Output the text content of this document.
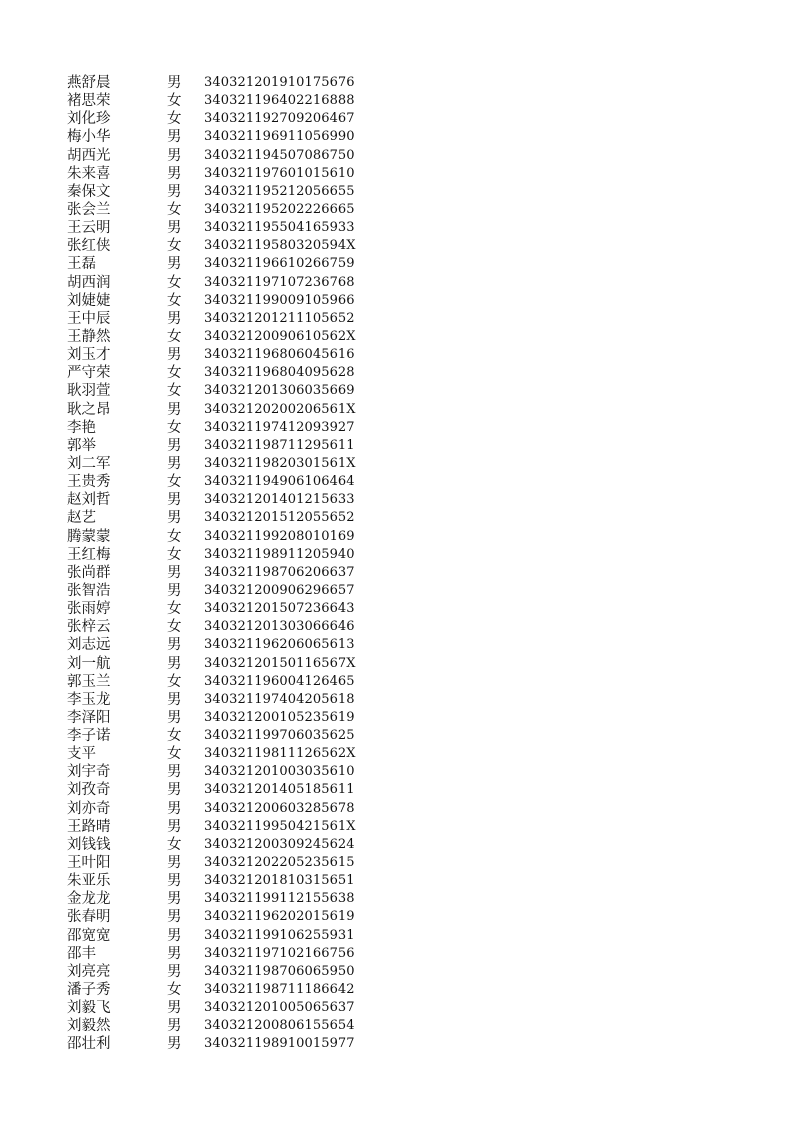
燕舒晨	男 340321201910175676
褚思荣	女 340321196402216888
刘化珍	女 340321192709206467
梅小华	男 340321196911056990
胡西光	男 340321194507086750
朱来喜	男 340321197601015610
秦保文	男 340321195212056655
张会兰	女 340321195202226665
王云明	男 340321195504165933
张红侠	女 34032119580320594X
王磊	男 340321196610266759
胡西润	女 340321197107236768
刘婕婕	女 340321199009105966
王中辰	男 340321201211105652
王静然	女 34032120090610562X
刘玉才	男 340321196806045616
严守荣	女 340321196804095628
耿羽萱	女 340321201306035669
耿之昂	男 34032120200206561X
李艳	女 340321197412093927
郭举	男 340321198711295611
刘二军	男 34032119820301561X
王贵秀	女 340321194906106464
赵刘哲	男 340321201401215633
赵艺	男 340321201512055652
腾蒙蒙	女 340321199208010169
王红梅	女 340321198911205940
张尚群	男 340321198706206637
张智浩	男 340321200906296657
张雨婷	女 340321201507236643
张梓云	女 340321201303066646
刘志远	男 340321196206065613
刘一航	男 34032120150116567X
郭玉兰	女 340321196004126465
李玉龙	男 340321197404205618
李泽阳	男 340321200105235619
李子诺	女 340321199706035625
支平	女 34032119811126562X
刘宇奇	男 340321201003035610
刘孜奇	男 340321201405185611
刘亦奇	男 340321200603285678
王路晴	男 34032119950421561X
刘钱钱	女 340321200309245624
王叶阳	男 340321202205235615
朱亚乐	男 340321201810315651
金龙龙	男 340321199112155638
张春明	男 340321196202015619
邵宽宽	男 340321199106255931
邵丰	男 340321197102166756
刘亮亮	男 340321198706065950
潘子秀	女 340321198711186642
刘毅飞	男 340321201005065637
刘毅然	男 340321200806155654
邵壮利	男 340321198910015977
